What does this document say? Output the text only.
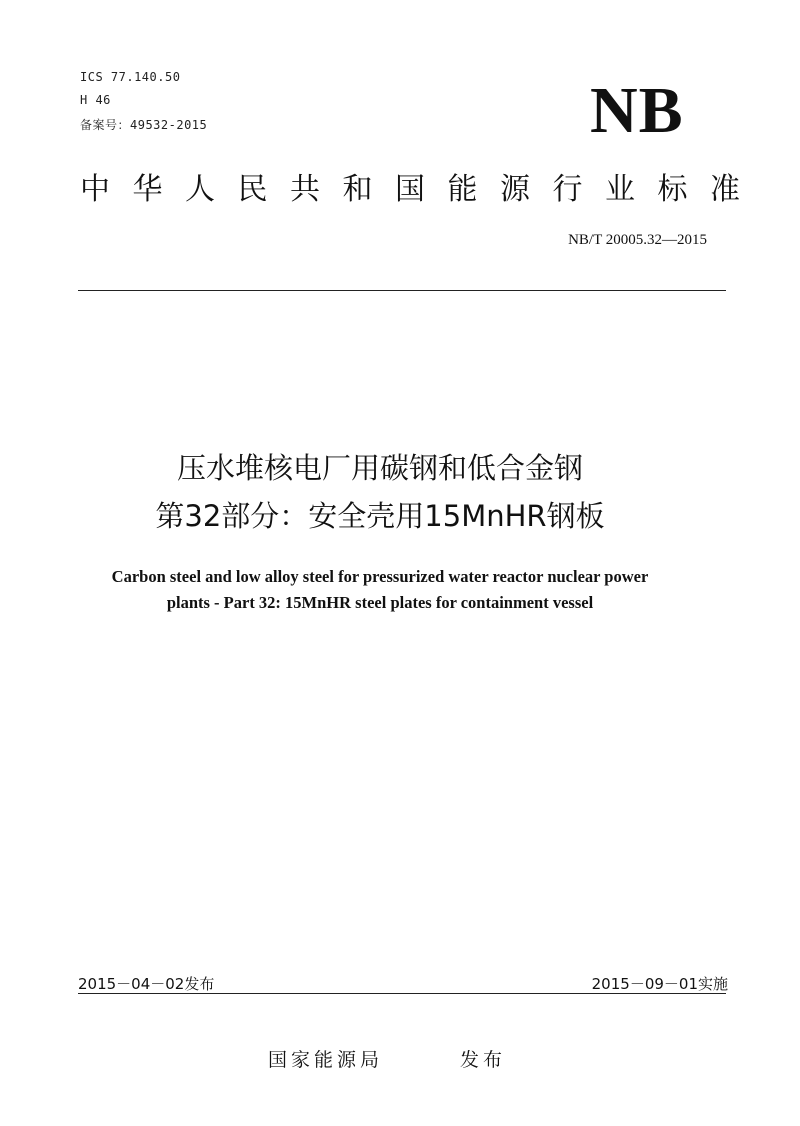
ICS 77.140.50
H 46
备案号：49532-2015	NB
中华人民共和国能源行业标准
NB/T 20005.32—2015
压水堆核电厂用碳钢和低合金钢
第32部分：安全壳用15MnHR钢板
Carbon steel and low alloy steel for pressurized water reactor nuclear power
plants - Part 32: 15MnHR steel plates for containment vessel
2015－04－02发布	2015－09－01实施
国家能源局	发布
